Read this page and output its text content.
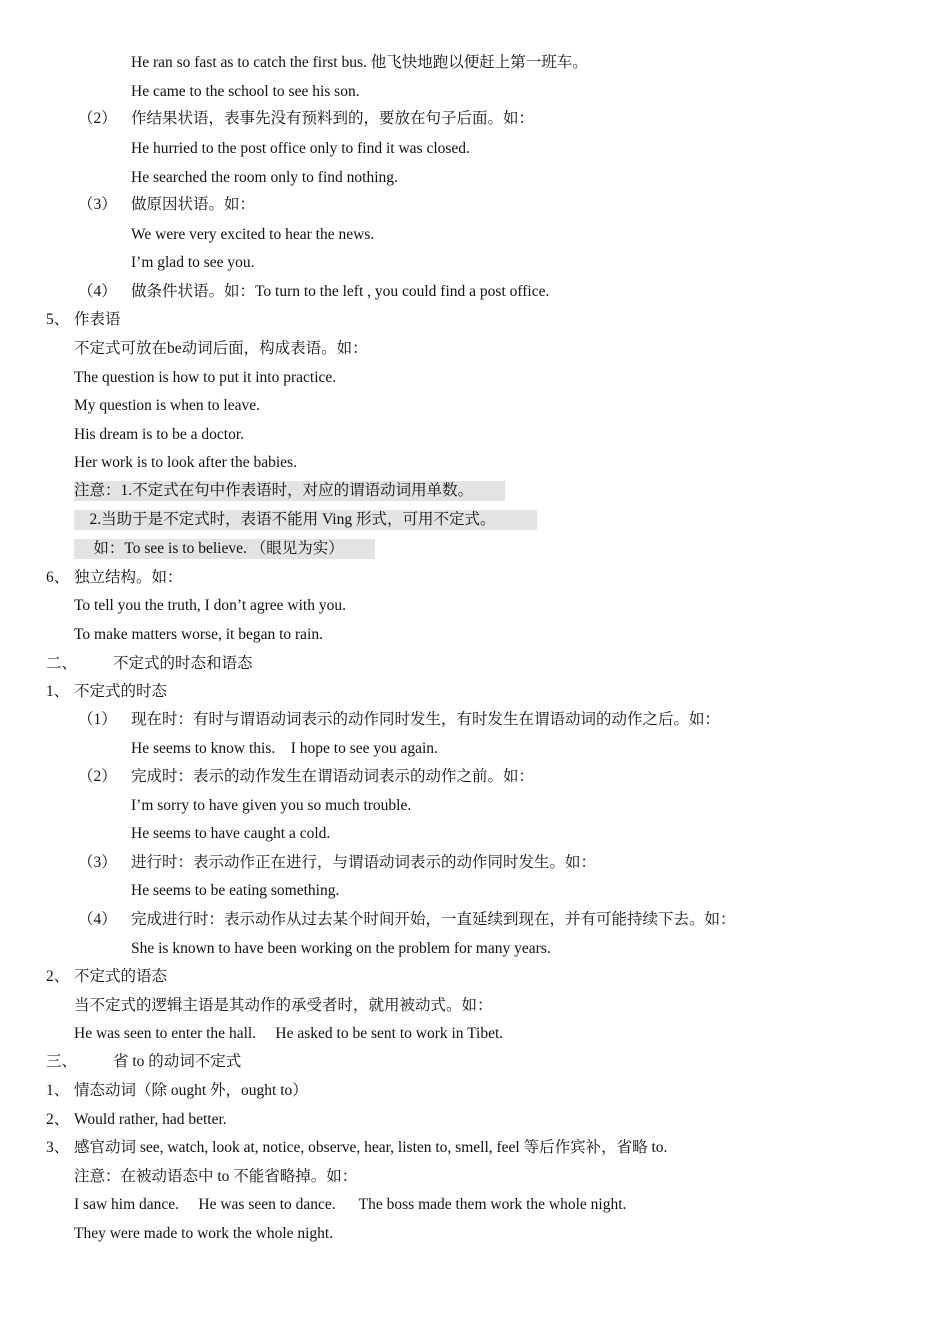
He ran so fast as to catch the first bus. 他飞快地跑以便赶上第一班车。
He came to the school to see his son.
（2） 作结果状语，表事先没有预料到的，要放在句子后面。如：
He hurried to the post office only to find it was closed.
He searched the room only to find nothing.
（3） 做原因状语。如：
We were very excited to hear the news.
I’m glad to see you.
（4） 做条件状语。如：To turn to the left , you could find a post office.
5、 作表语
不定式可放在be动词后面，构成表语。如：
The question is how to put it into practice.
My question is when to leave.
His dream is to be a doctor.
Her work is to look after the babies.
注意：1.不定式在句中作表语时，对应的谓语动词用单数。
2.当助于是不定式时，表语不能用 Ving 形式，可用不定式。
如：To see is to believe. （眼见为实）
6、 独立结构。如：
To tell you the truth, I don’t agree with you.
To make matters worse, it began to rain.
二、 不定式的时态和语态
1、 不定式的时态
（1） 现在时：有时与谓语动词表示的动作同时发生，有时发生在谓语动词的动作之后。如：
He seems to know this.    I hope to see you again.
（2） 完成时：表示的动作发生在谓语动词表示的动作之前。如：
I’m sorry to have given you so much trouble.
He seems to have caught a cold.
（3） 进行时：表示动作正在进行，与谓语动词表示的动作同时发生。如：
He seems to be eating something.
（4） 完成进行时：表示动作从过去某个时间开始，一直延续到现在，并有可能持续下去。如：
She is known to have been working on the problem for many years.
2、 不定式的语态
当不定式的逻辑主语是其动作的承受者时，就用被动式。如：
He was seen to enter the hall.     He asked to be sent to work in Tibet.
三、 省 to 的动词不定式
1、 情态动词（除 ought 外，ought to）
2、 Would rather, had better.
3、 感官动词 see, watch, look at, notice, observe, hear, listen to, smell, feel 等后作宾补，省略 to.
注意：在被动语态中 to 不能省略掉。如：
I saw him dance.     He was seen to dance.      The boss made them work the whole night.
They were made to work the whole night.
